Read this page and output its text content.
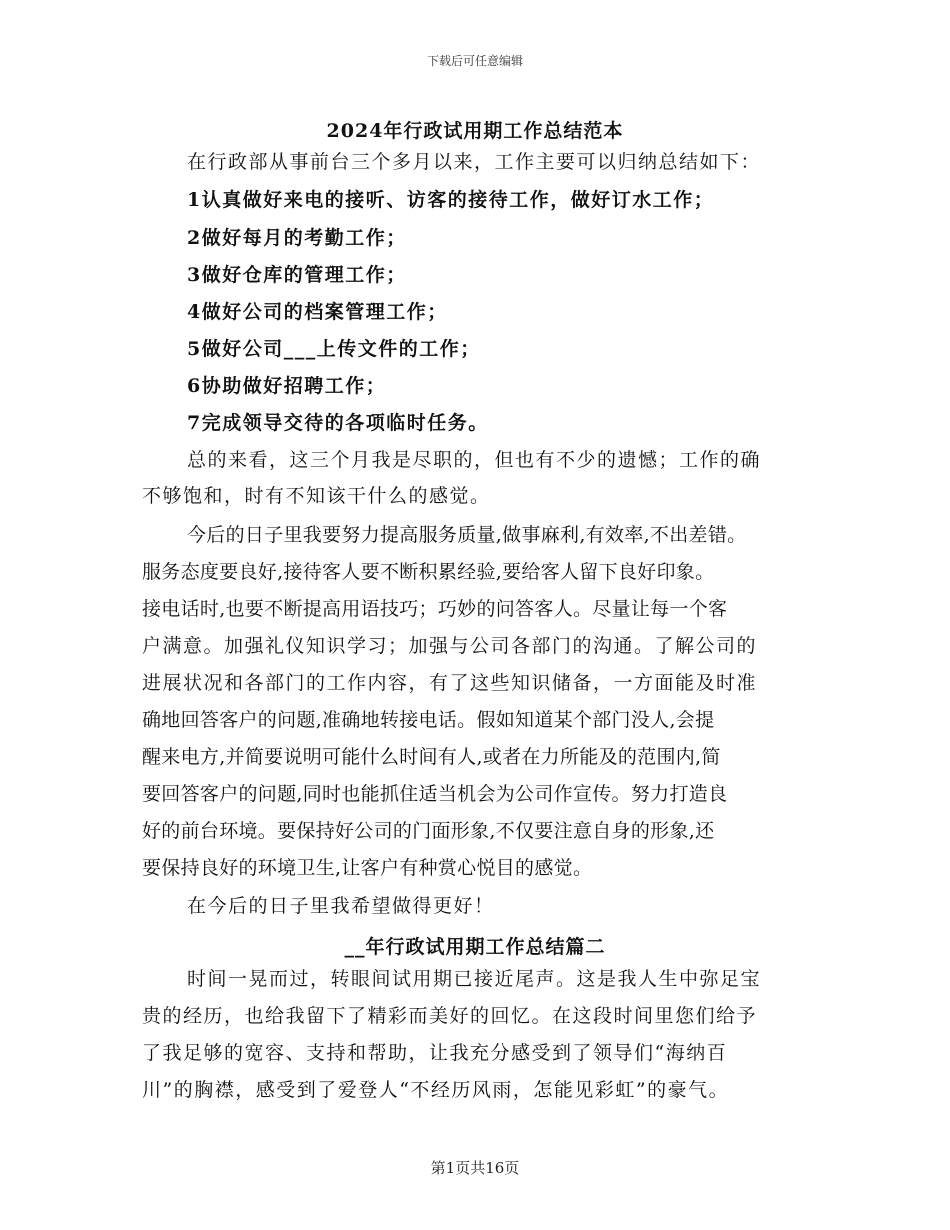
下载后可任意编辑
2024年行政试用期工作总结范本
在行政部从事前台三个多月以来，工作主要可以归纳总结如下：
1认真做好来电的接听、访客的接待工作，做好订水工作；
2做好每月的考勤工作；
3做好仓库的管理工作；
4做好公司的档案管理工作；
5做好公司___上传文件的工作；
6协助做好招聘工作；
7完成领导交待的各项临时任务。
总的来看，这三个月我是尽职的，但也有不少的遗憾；工作的确
不够饱和，时有不知该干什么的感觉。
今后的日子里我要努力提高服务质量,做事麻利,有效率,不出差错。
服务态度要良好,接待客人要不断积累经验,要给客人留下良好印象。
接电话时,也要不断提高用语技巧；巧妙的问答客人。尽量让每一个客
户满意。加强礼仪知识学习；加强与公司各部门的沟通。了解公司的
进展状况和各部门的工作内容，有了这些知识储备，一方面能及时准
确地回答客户的问题,准确地转接电话。假如知道某个部门没人,会提
醒来电方,并简要说明可能什么时间有人,或者在力所能及的范围内,简
要回答客户的问题,同时也能抓住适当机会为公司作宣传。努力打造良
好的前台环境。要保持好公司的门面形象,不仅要注意自身的形象,还
要保持良好的环境卫生,让客户有种赏心悦目的感觉。
在今后的日子里我希望做得更好！
__年行政试用期工作总结篇二
时间一晃而过，转眼间试用期已接近尾声。这是我人生中弥足宝
贵的经历，也给我留下了精彩而美好的回忆。在这段时间里您们给予
了我足够的宽容、支持和帮助，让我充分感受到了领导们“海纳百
川”的胸襟，感受到了爱登人“不经历风雨，怎能见彩虹”的豪气。
第1页共16页
